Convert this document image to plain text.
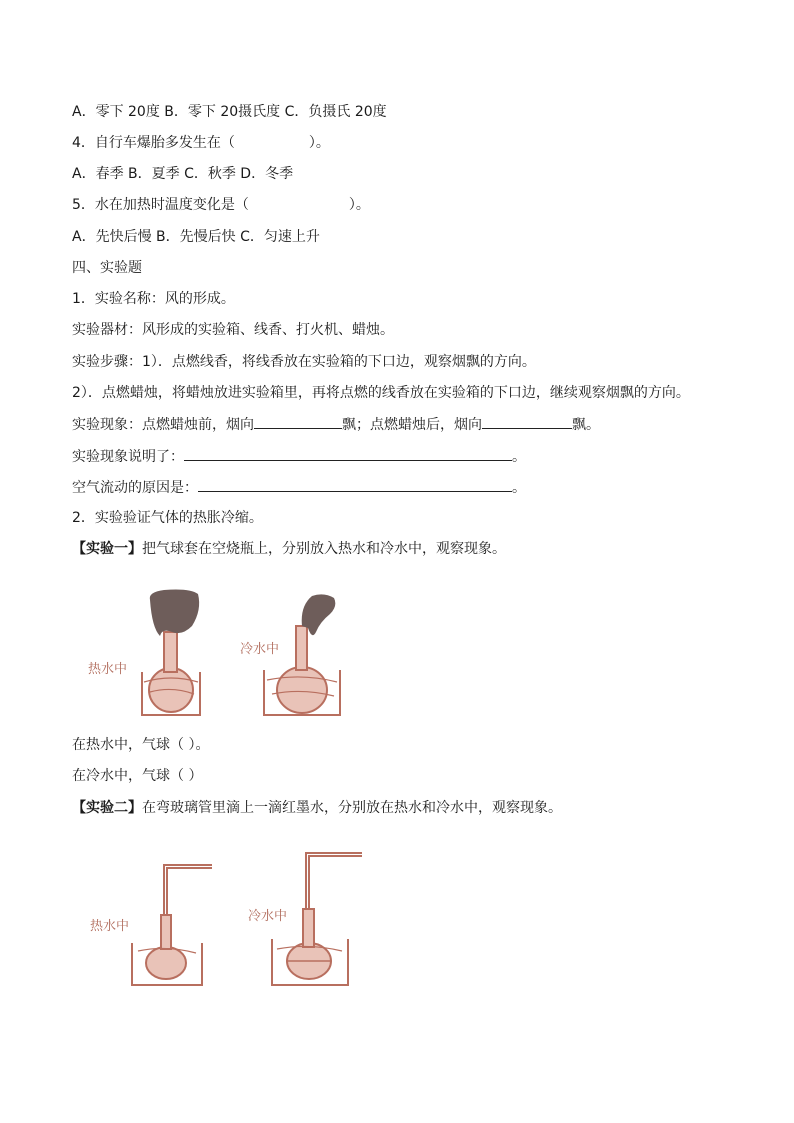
A．零下 20度 B．零下 20摄氏度 C．负摄氏 20度
4．自行车爆胎多发生在（	）。
A．春季 B．夏季 C．秋季 D．冬季
5．水在加热时温度变化是（	）。
A．先快后慢 B．先慢后快 C．匀速上升
四、实验题
1．实验名称：风的形成。
实验器材：风形成的实验箱、线香、打火机、蜡烛。
实验步骤：1）．点燃线香，将线香放在实验箱的下口边，观察烟飘的方向。
2）．点燃蜡烛，将蜡烛放进实验箱里，再将点燃的线香放在实验箱的下口边，继续观察烟飘的方向。
实验现象：点燃蜡烛前，烟向	飘；点燃蜡烛后，烟向	飘。
实验现象说明了：	。
空气流动的原因是：	。
2．实验验证气体的热胀冷缩。
【实验一】把气球套在空烧瓶上，分别放入热水和冷水中，观察现象。
热水中
冷水中
在热水中，气球（ ）。
在冷水中，气球（ ）
【实验二】在弯玻璃管里滴上一滴红墨水，分别放在热水和冷水中，观察现象。
热水中
冷水中
